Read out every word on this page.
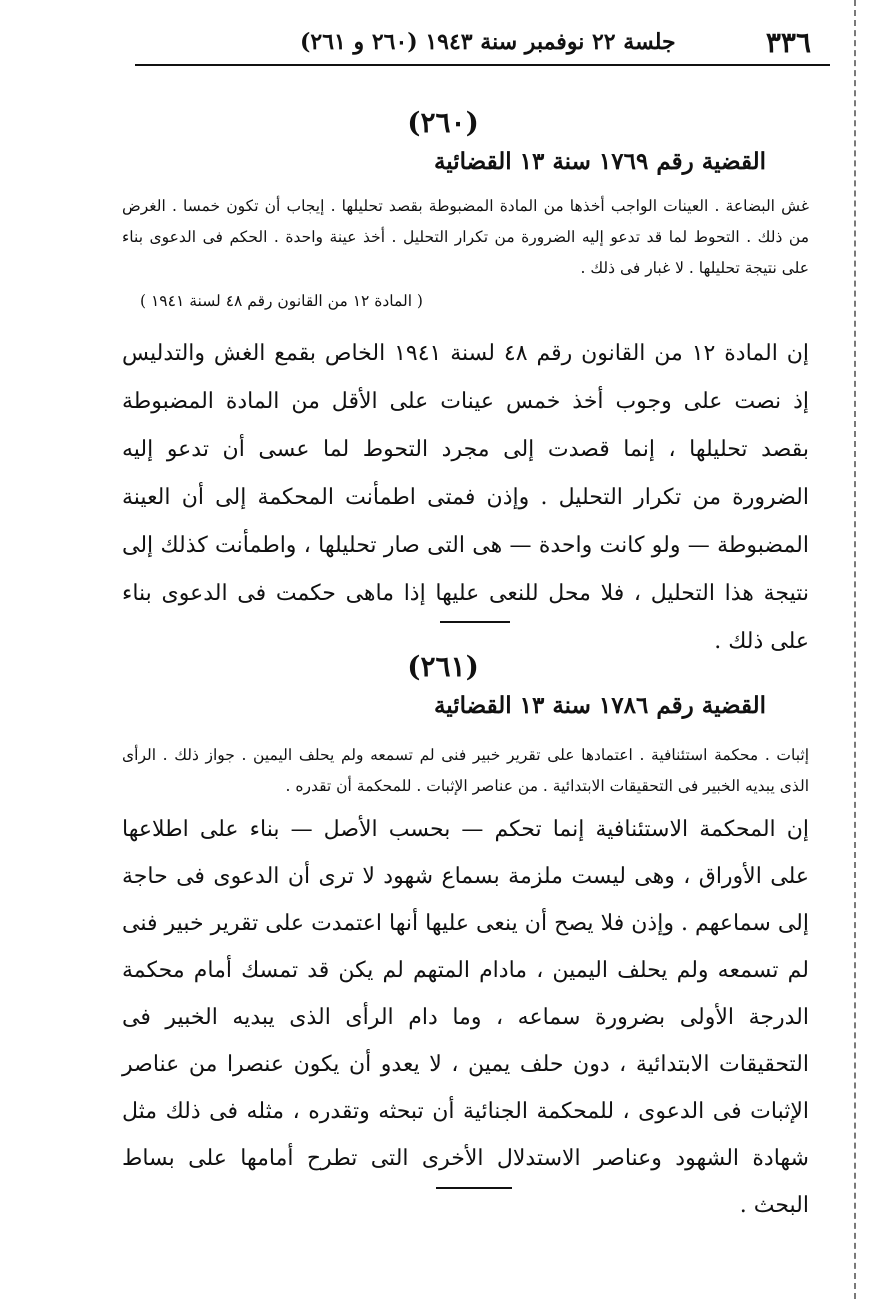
٣٣٦
جلسة ٢٢ نوفمبر سنة ١٩٤٣ (٢٦٠ و ٢٦١)
(٢٦٠)
القضية رقم ١٧٦٩ سنة ١٣ القضائية

غش البضاعة . العينات الواجب أخذها من المادة المضبوطة بقصد تحليلها . إيجاب أن تكون خمسا . الغرض من ذلك . التحوط لما قد تدعو إليه الضرورة من تكرار التحليل . أخذ عينة واحدة . الحكم فى الدعوى بناء على نتيجة تحليلها . لا غبار فى ذلك .

( المادة ١٢ من القانون رقم ٤٨ لسنة ١٩٤١ )

إن المادة ١٢ من القانون رقم ٤٨ لسنة ١٩٤١ الخاص بقمع الغش والتدليس إذ نصت على وجوب أخذ خمس عينات على الأقل من المادة المضبوطة بقصد تحليلها ، إنما قصدت إلى مجرد التحوط لما عسى أن تدعو إليه الضرورة من تكرار التحليل . وإذن فمتى اطمأنت المحكمة إلى أن العينة المضبوطة — ولو كانت واحدة — هى التى صار تحليلها ، واطمأنت كذلك إلى نتيجة هذا التحليل ، فلا محل للنعى عليها إذا ماهى حكمت فى الدعوى بناء على ذلك .

(٢٦١)
القضية رقم ١٧٨٦ سنة ١٣ القضائية

إثبات . محكمة استئنافية . اعتمادها على تقرير خبير فنى لم تسمعه ولم يحلف اليمين . جواز ذلك . الرأى الذى يبديه الخبير فى التحقيقات الابتدائية . من عناصر الإثبات . للمحكمة أن تقدره .

إن المحكمة الاستئنافية إنما تحكم — بحسب الأصل — بناء على اطلاعها على الأوراق ، وهى ليست ملزمة بسماع شهود لا ترى أن الدعوى فى حاجة إلى سماعهم . وإذن فلا يصح أن ينعى عليها أنها اعتمدت على تقرير خبير فنى لم تسمعه ولم يحلف اليمين ، مادام المتهم لم يكن قد تمسك أمام محكمة الدرجة الأولى بضرورة سماعه ، وما دام الرأى الذى يبديه الخبير فى التحقيقات الابتدائية ، دون حلف يمين ، لا يعدو أن يكون عنصرا من عناصر الإثبات فى الدعوى ، للمحكمة الجنائية أن تبحثه وتقدره ، مثله فى ذلك مثل شهادة الشهود وعناصر الاستدلال الأخرى التى تطرح أمامها على بساط البحث .
